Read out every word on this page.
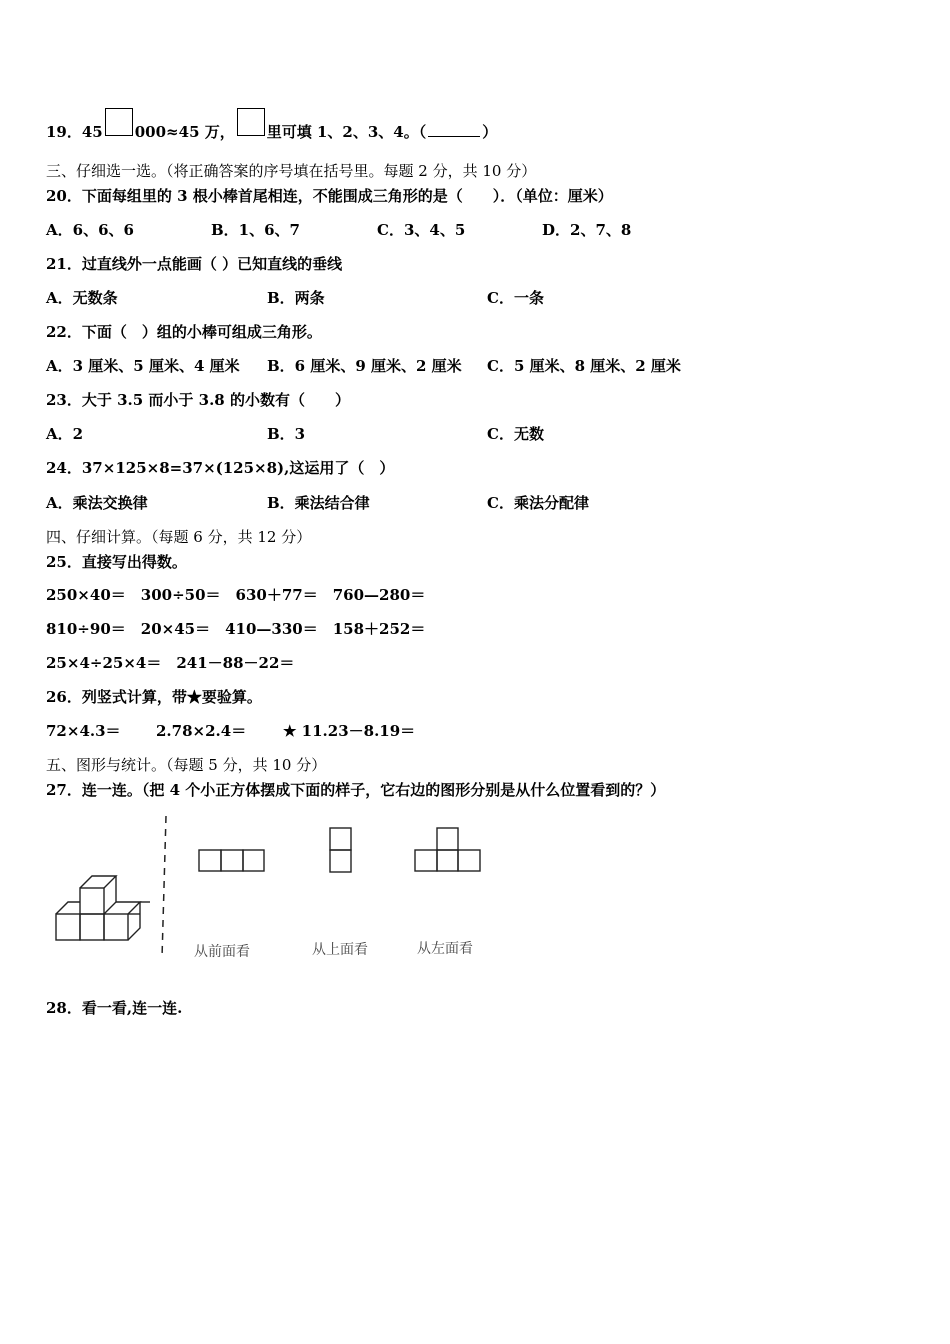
19．45 000≈45 万， 里可填 1、2、3、4。（	）
三、仔细选一选。（将正确答案的序号填在括号里。每题 2 分，共 10 分）
20．下面每组里的 3 根小棒首尾相连，不能围成三角形的是（　　）．（单位：厘米）
A．6、6、6	B．1、6、7	C．3、4、5	D．2、7、8
21．过直线外一点能画（ ）已知直线的垂线
A．无数条	B．两条	C．一条
22．下面（　）组的小棒可组成三角形。
A．3 厘米、5 厘米、4 厘米 B．6 厘米、9 厘米、2 厘米 C．5 厘米、8 厘米、2 厘米
23．大于 3.5 而小于 3.8 的小数有（　　）
A．2	B．3	C．无数
24．37×125×8=37×(125×8),这运用了（　）
A．乘法交换律	B．乘法结合律	C．乘法分配律
四、仔细计算。（每题 6 分，共 12 分）
25．直接写出得数。
250×40＝　300÷50＝　630＋77＝　760—280＝
810÷90＝　20×45＝　410—330＝　158＋252＝
25×4÷25×4＝　241－88－22＝
26．列竖式计算，带★要验算。
72×4.3＝ 2.78×2.4＝ ★ 11.23－8.19＝
五、图形与统计。（每题 5 分，共 10 分）
27．连一连。（把 4 个小正方体摆成下面的样子，它右边的图形分别是从什么位置看到的？）
从前面看	从上面看	从左面看
28．看一看,连一连.
